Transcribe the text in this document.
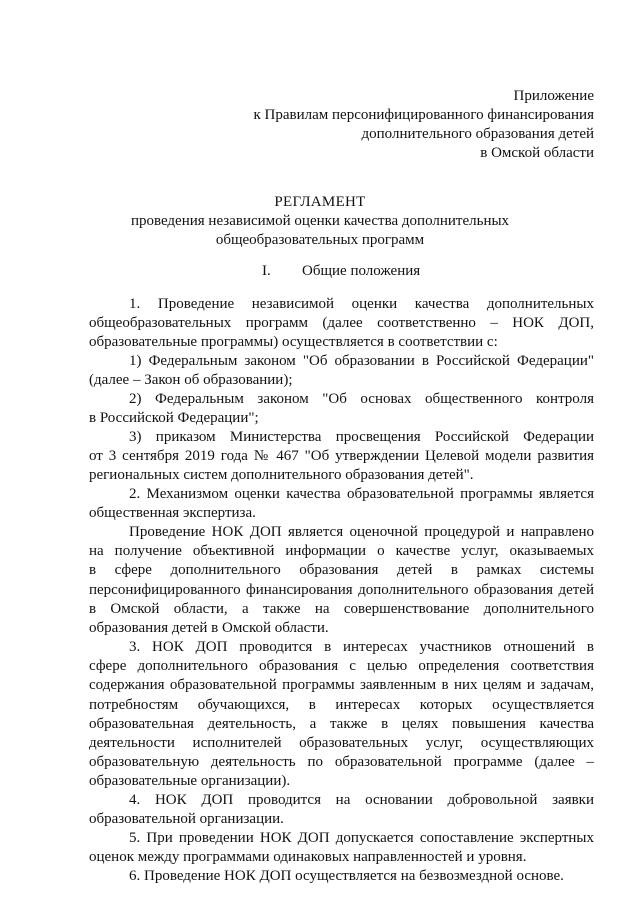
Приложение
к Правилам персонифицированного финансирования
дополнительного образования детей
в Омской области
РЕГЛАМЕНТ
проведения независимой оценки качества дополнительных
общеобразовательных программ
I. Общие положения
1. Проведение независимой оценки качества дополнительных
общеобразовательных программ (далее соответственно – НОК ДОП,
образовательные программы) осуществляется в соответствии с:
1) Федеральным законом "Об образовании в Российской Федерации"
(далее – Закон об образовании);
2) Федеральным законом "Об основах общественного контроля
в Российской Федерации";
3) приказом Министерства просвещения Российской Федерации
от 3 сентября 2019 года № 467 "Об утверждении Целевой модели развития
региональных систем дополнительного образования детей".
2. Механизмом оценки качества образовательной программы является
общественная экспертиза.
Проведение НОК ДОП является оценочной процедурой и направлено
на получение объективной информации о качестве услуг, оказываемых
в сфере дополнительного образования детей в рамках системы
персонифицированного финансирования дополнительного образования детей
в Омской области, а также на совершенствование дополнительного
образования детей в Омской области.
3. НОК ДОП проводится в интересах участников отношений в
сфере дополнительного образования с целью определения соответствия
содержания образовательной программы заявленным в них целям и задачам,
потребностям обучающихся, в интересах которых осуществляется
образовательная деятельность, а также в целях повышения качества
деятельности исполнителей образовательных услуг, осуществляющих
образовательную деятельность по образовательной программе (далее –
образовательные организации).
4. НОК ДОП проводится на основании добровольной заявки
образовательной организации.
5. При проведении НОК ДОП допускается сопоставление экспертных
оценок между программами одинаковых направленностей и уровня.
6. Проведение НОК ДОП осуществляется на безвозмездной основе.
